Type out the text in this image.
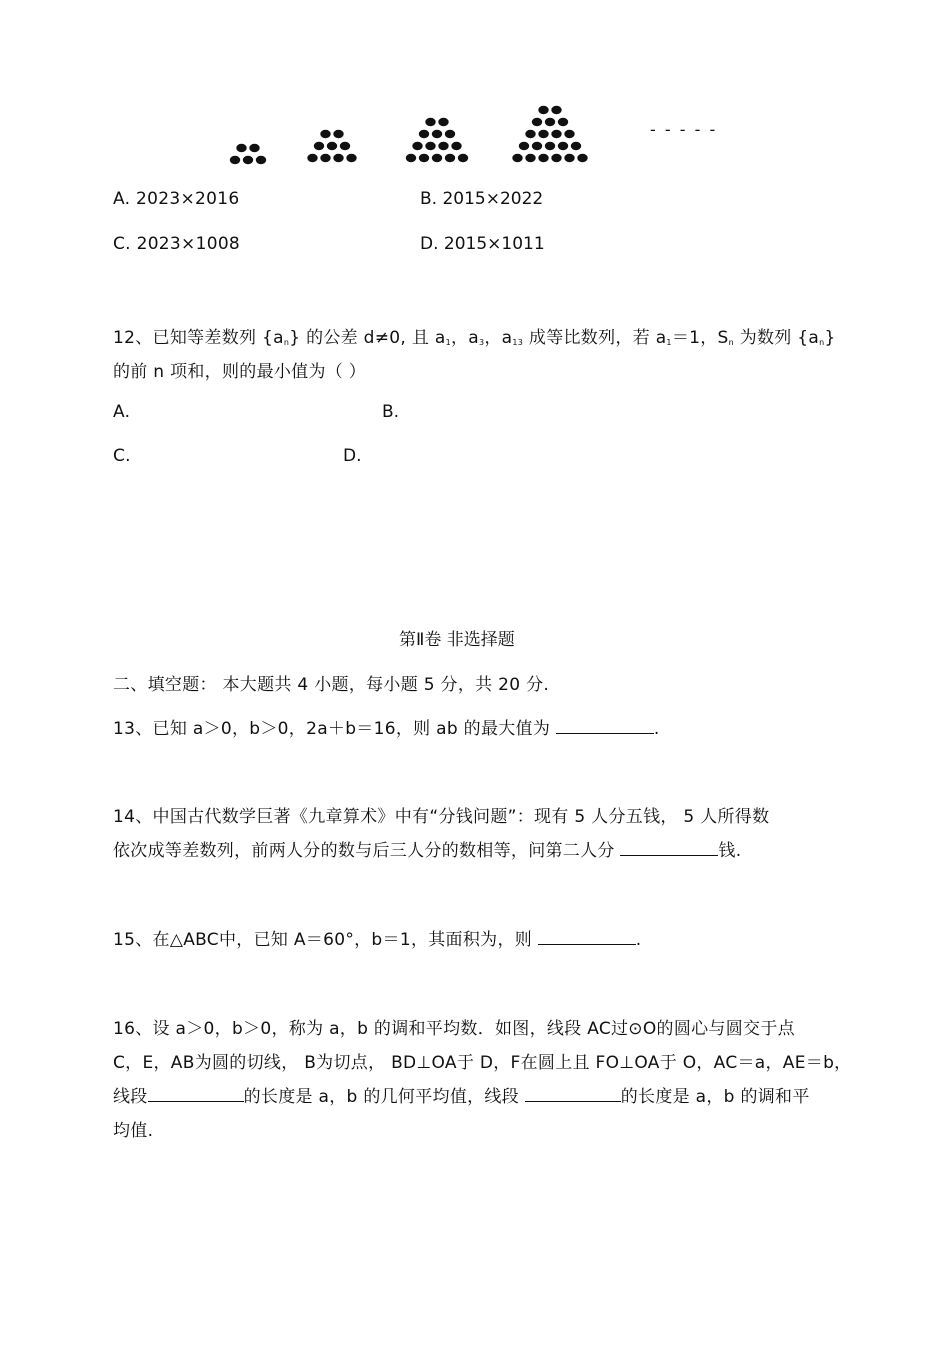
- - - - -
A. 2023×2016	B. 2015×2022
C. 2023×1008	D. 2015×1011
12、已知等差数列 $\{a_n\}$ 的公差 d≠0, 且 $a_1$，$a_3$，$a_{13}$ 成等比数列，若 $a_1=1$，$S_n$ 为数列 $\{a_n\}$
的前 n 项和，则的最小值为（ ）
A.	B.
C.	D.
第Ⅱ卷 非选择题
二、填空题： 本大题共 4 小题，每小题 5 分，共 20 分.
13、已知 a＞0，b＞0，2a＋b＝16，则 ab 的最大值为	.
14、中国古代数学巨著《九章算术》中有“分钱问题”：现有 5 人分五钱， 5 人所得数
依次成等差数列，前两人分的数与后三人分的数相等，问第二人分	钱.
15、在△ABC中，已知 A＝60°，b＝1，其面积为，则	.
16、设 a＞0，b＞0，称为 a，b 的调和平均数．如图，线段 AC过⊙O的圆心与圆交于点
C，E，AB为圆的切线， B为切点， BD⊥OA于 D，F在圆上且 FO⊥OA于 O，AC＝a，AE＝b，
线段	的长度是 a，b 的几何平均值，线段	的长度是 a，b 的调和平
均值.
